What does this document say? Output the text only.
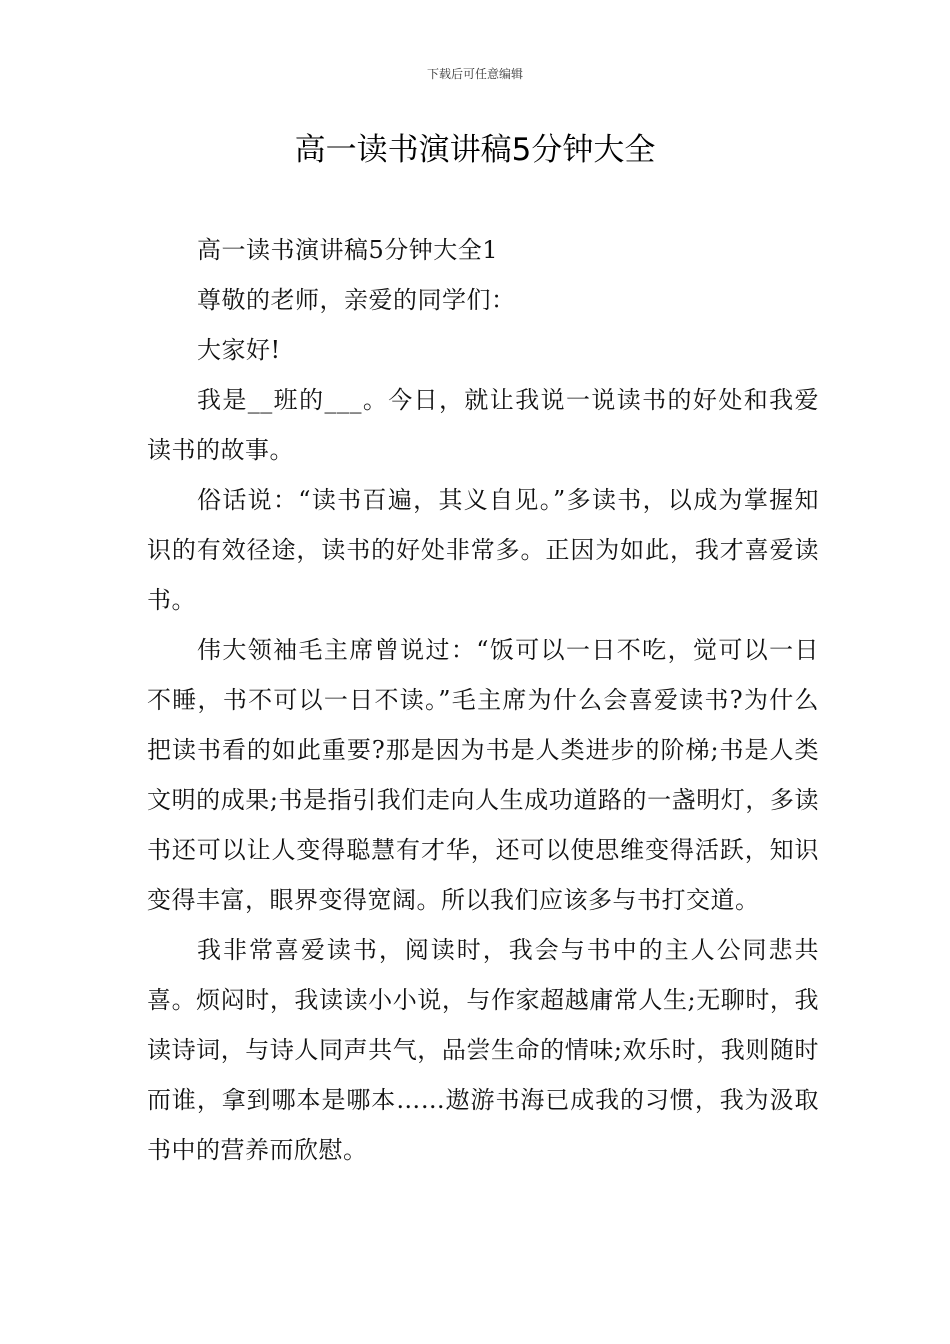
下载后可任意编辑
高一读书演讲稿5分钟大全

高一读书演讲稿5分钟大全1

尊敬的老师，亲爱的同学们：

大家好!

我是__班的___。今日，就让我说一说读书的好处和我爱读书的故事。

俗话说：“读书百遍，其义自见。”多读书，以成为掌握知识的有效径途，读书的好处非常多。正因为如此，我才喜爱读书。

伟大领袖毛主席曾说过：“饭可以一日不吃，觉可以一日不睡，书不可以一日不读。”毛主席为什么会喜爱读书?为什么把读书看的如此重要?那是因为书是人类进步的阶梯;书是人类文明的成果;书是指引我们走向人生成功道路的一盏明灯，多读书还可以让人变得聪慧有才华，还可以使思维变得活跃，知识变得丰富，眼界变得宽阔。所以我们应该多与书打交道。

我非常喜爱读书，阅读时，我会与书中的主人公同悲共喜。烦闷时，我读读小小说，与作家超越庸常人生;无聊时，我读诗词，与诗人同声共气，品尝生命的情味;欢乐时，我则随时而谁，拿到哪本是哪本……遨游书海已成我的习惯，我为汲取书中的营养而欣慰。
